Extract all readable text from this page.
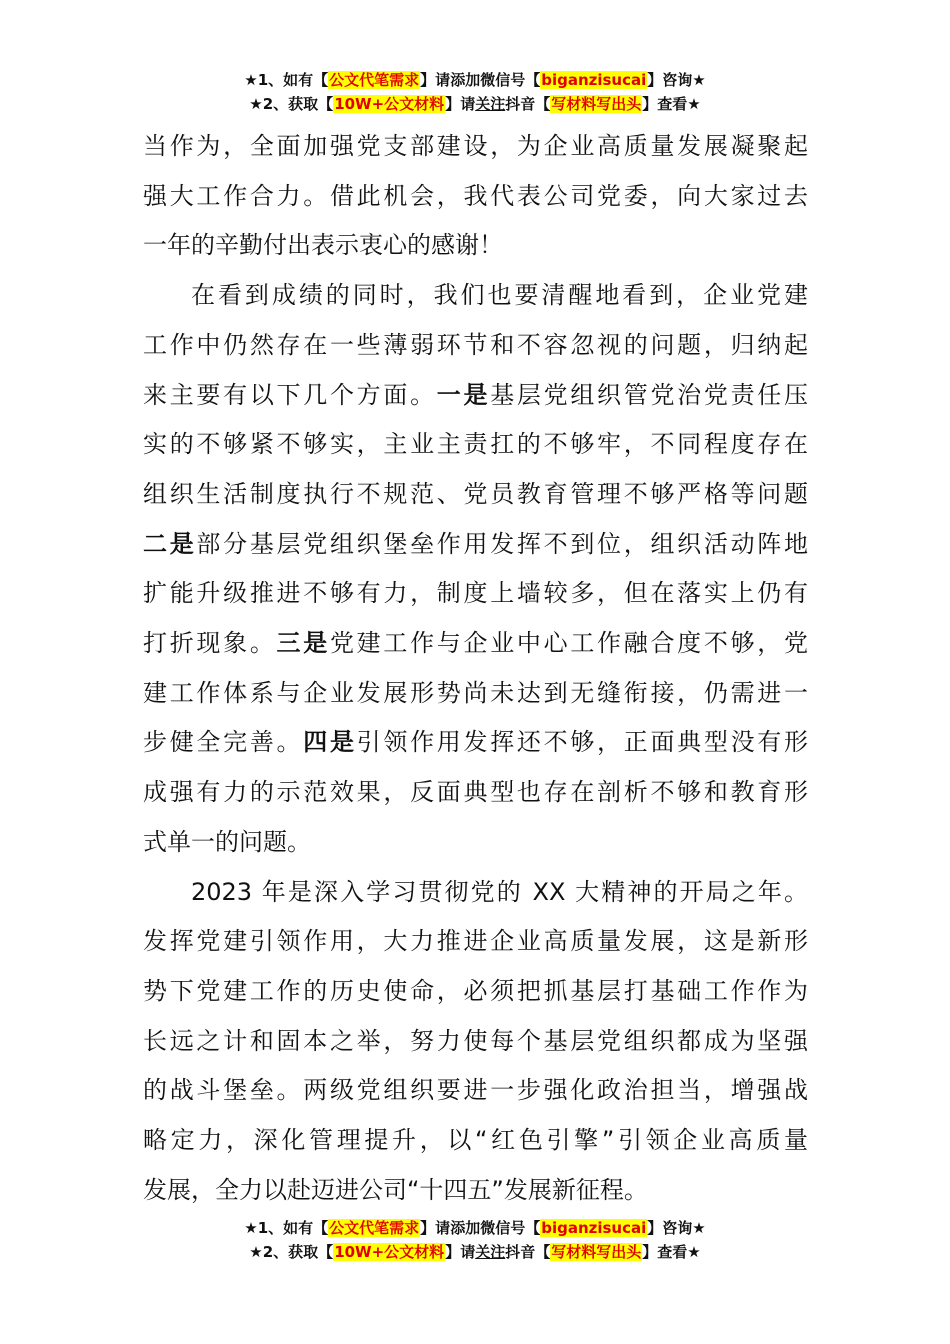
★1、如有【公文代笔需求】请添加微信号【biganzisucai】咨询★
★2、获取【10W+公文材料】请关注抖音【写材料写出头】查看★

当作为，全面加强党支部建设，为企业高质量发展凝聚起
强大工作合力。借此机会，我代表公司党委，向大家过去
一年的辛勤付出表示衷心的感谢！

在看到成绩的同时，我们也要清醒地看到，企业党建
工作中仍然存在一些薄弱环节和不容忽视的问题，归纳起
来主要有以下几个方面。一是基层党组织管党治党责任压
实的不够紧不够实，主业主责扛的不够牢，不同程度存在
组织生活制度执行不规范、党员教育管理不够严格等问题
二是部分基层党组织堡垒作用发挥不到位，组织活动阵地
扩能升级推进不够有力，制度上墙较多，但在落实上仍有
打折现象。三是党建工作与企业中心工作融合度不够，党
建工作体系与企业发展形势尚未达到无缝衔接，仍需进一
步健全完善。四是引领作用发挥还不够，正面典型没有形
成强有力的示范效果，反面典型也存在剖析不够和教育形
式单一的问题。

2023 年是深入学习贯彻党的 XX 大精神的开局之年。
发挥党建引领作用，大力推进企业高质量发展，这是新形
势下党建工作的历史使命，必须把抓基层打基础工作作为
长远之计和固本之举，努力使每个基层党组织都成为坚强
的战斗堡垒。两级党组织要进一步强化政治担当，增强战
略定力，深化管理提升，以“红色引擎”引领企业高质量
发展，全力以赴迈进公司“十四五”发展新征程。

★1、如有【公文代笔需求】请添加微信号【biganzisucai】咨询★
★2、获取【10W+公文材料】请关注抖音【写材料写出头】查看★
